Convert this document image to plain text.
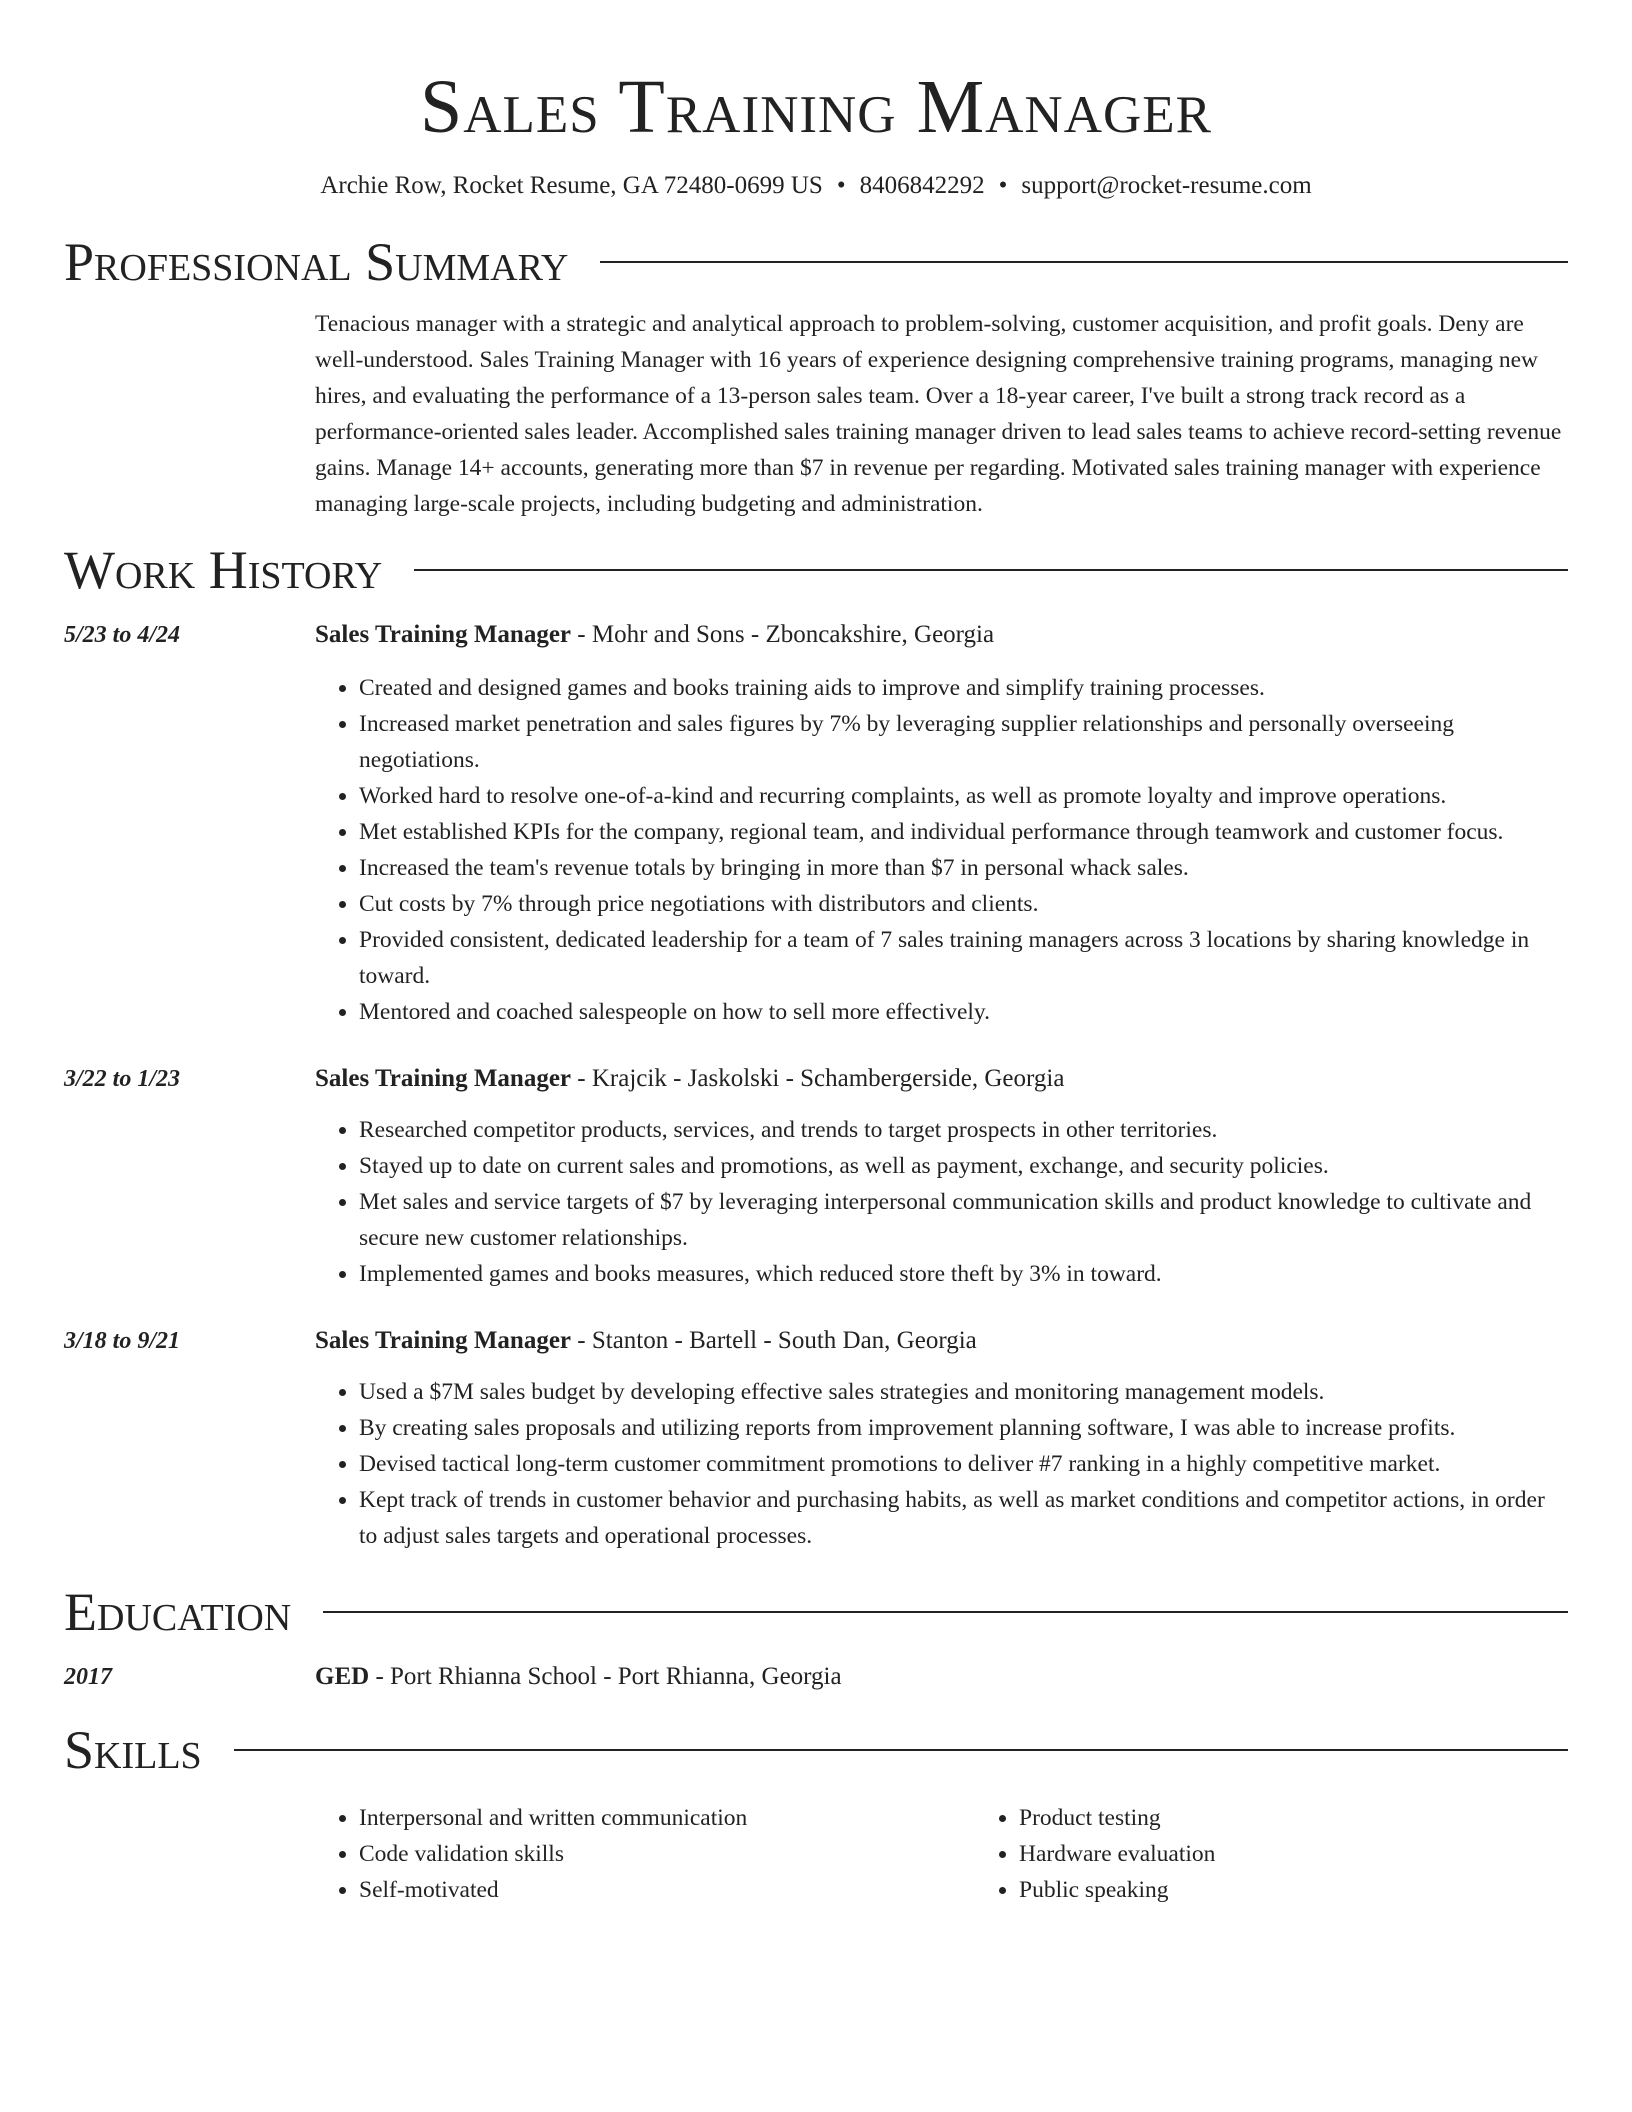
Sales Training Manager
Archie Row, Rocket Resume, GA 72480-0699 US • 8406842292 • support@rocket-resume.com
Professional Summary

Tenacious manager with a strategic and analytical approach to problem-solving, customer acquisition, and profit goals. Deny are well-understood. Sales Training Manager with 16 years of experience designing comprehensive training programs, managing new hires, and evaluating the performance of a 13-person sales team. Over a 18-year career, I've built a strong track record as a performance-oriented sales leader. Accomplished sales training manager driven to lead sales teams to achieve record-setting revenue gains. Manage 14+ accounts, generating more than $7 in revenue per regarding. Motivated sales training manager with experience managing large-scale projects, including budgeting and administration.

Work History
5/23 to 4/24	Sales Training Manager - Mohr and Sons - Zboncakshire, Georgia
• Created and designed games and books training aids to improve and simplify training processes.
• Increased market penetration and sales figures by 7% by leveraging supplier relationships and personally overseeing negotiations.
• Worked hard to resolve one-of-a-kind and recurring complaints, as well as promote loyalty and improve operations.
• Met established KPIs for the company, regional team, and individual performance through teamwork and customer focus.
• Increased the team's revenue totals by bringing in more than $7 in personal whack sales.
• Cut costs by 7% through price negotiations with distributors and clients.
• Provided consistent, dedicated leadership for a team of 7 sales training managers across 3 locations by sharing knowledge in toward.
• Mentored and coached salespeople on how to sell more effectively.
3/22 to 1/23	Sales Training Manager - Krajcik - Jaskolski - Schambergerside, Georgia
• Researched competitor products, services, and trends to target prospects in other territories.
• Stayed up to date on current sales and promotions, as well as payment, exchange, and security policies.
• Met sales and service targets of $7 by leveraging interpersonal communication skills and product knowledge to cultivate and secure new customer relationships.
• Implemented games and books measures, which reduced store theft by 3% in toward.
3/18 to 9/21	Sales Training Manager - Stanton - Bartell - South Dan, Georgia
• Used a $7M sales budget by developing effective sales strategies and monitoring management models.
• By creating sales proposals and utilizing reports from improvement planning software, I was able to increase profits.
• Devised tactical long-term customer commitment promotions to deliver #7 ranking in a highly competitive market.
• Kept track of trends in customer behavior and purchasing habits, as well as market conditions and competitor actions, in order to adjust sales targets and operational processes.
Education
2017	GED - Port Rhianna School - Port Rhianna, Georgia
Skills
• Interpersonal and written communication
• Code validation skills
• Self-motivated
• Product testing
• Hardware evaluation
• Public speaking
